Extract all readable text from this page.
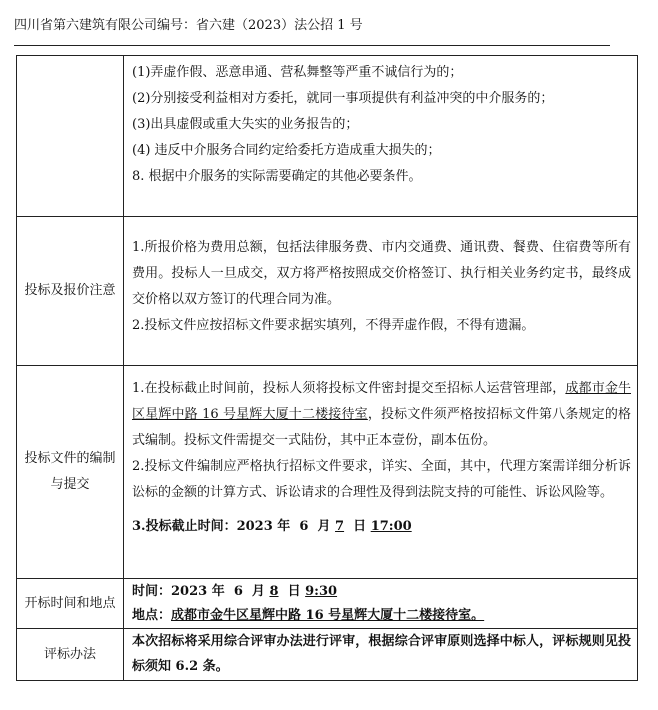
四川省第六建筑有限公司编号：省六建（2023）法公招 1 号

	(1)弄虚作假、恶意串通、营私舞整等严重不诚信行为的；
(2)分别接受利益相对方委托，就同一事项提供有利益冲突的中介服务的；
(3)出具虚假或重大失实的业务报告的；
(4) 违反中介服务合同约定给委托方造成重大损失的；
8. 根据中介服务的实际需要确定的其他必要条件。

投标及报价注意	1.所报价格为费用总额，包括法律服务费、市内交通费、通讯费、餐费、住宿费等所有费用。投标人一旦成交，双方将严格按照成交价格签订、执行相关业务约定书，最终成交价格以双方签订的代理合同为准。
2.投标文件应按招标文件要求据实填列，不得弄虚作假，不得有遗漏。

投标文件的编制与提交	1.在投标截止时间前，投标人须将投标文件密封提交至招标人运营管理部，成都市金牛区星辉中路 16 号星辉大厦十二楼接待室，投标文件须严格按招标文件第八条规定的格式编制。投标文件需提交一式陆份，其中正本壹份，副本伍份。
2.投标文件编制应严格执行招标文件要求，详实、全面，其中，代理方案需详细分析诉讼标的金额的计算方式、诉讼请求的合理性及得到法院支持的可能性、诉讼风险等。
3.投标截止时间：2023 年 6 月 7 日 17:00

开标时间和地点	时间：2023 年 6 月 8 日 9:30
地点：成都市金牛区星辉中路 16 号星辉大厦十二楼接待室。

评标办法	本次招标将采用综合评审办法进行评审，根据综合评审原则选择中标人，评标规则见投标须知 6.2 条。
